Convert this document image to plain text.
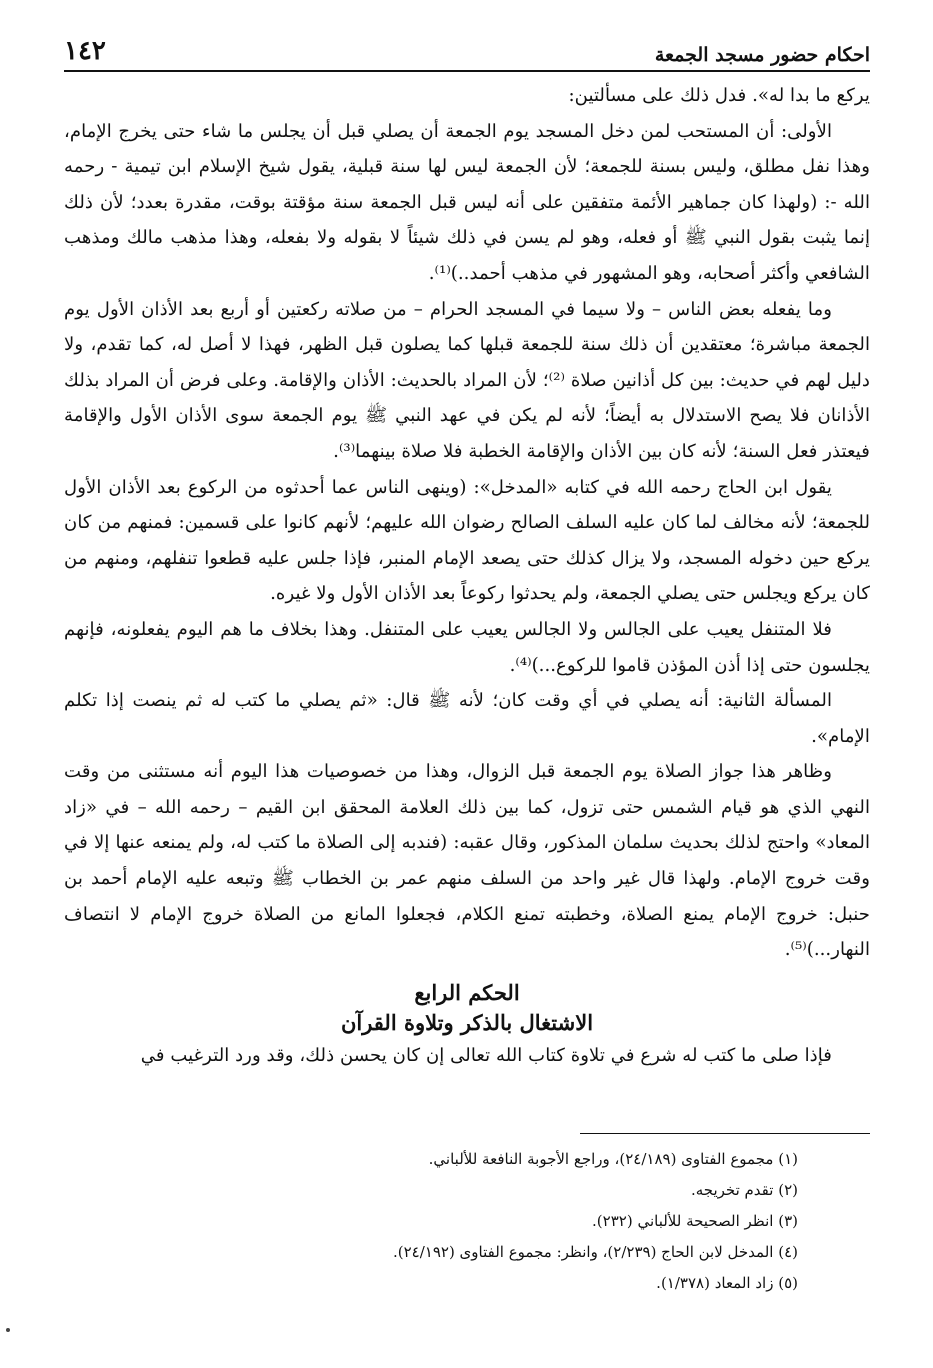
احكام حضور مسجد الجمعة
١٤٢

يركع ما بدا له». فدل ذلك على مسألتين:

الأولى: أن المستحب لمن دخل المسجد يوم الجمعة أن يصلي قبل أن يجلس ما شاء حتى يخرج الإمام، وهذا نفل مطلق، وليس بسنة للجمعة؛ لأن الجمعة ليس لها سنة قبلية، يقول شيخ الإسلام ابن تيمية - رحمه الله -: (ولهذا كان جماهير الأئمة متفقين على أنه ليس قبل الجمعة سنة مؤقتة بوقت، مقدرة بعدد؛ لأن ذلك إنما يثبت بقول النبي ﷺ أو فعله، وهو لم يسن في ذلك شيئاً لا بقوله ولا بفعله، وهذا مذهب مالك ومذهب الشافعي وأكثر أصحابه، وهو المشهور في مذهب أحمد..)⁽¹⁾.

وما يفعله بعض الناس – ولا سيما في المسجد الحرام – من صلاته ركعتين أو أربع بعد الأذان الأول يوم الجمعة مباشرة؛ معتقدين أن ذلك سنة للجمعة قبلها كما يصلون قبل الظهر، فهذا لا أصل له، كما تقدم، ولا دليل لهم في حديث: بين كل أذانين صلاة ⁽²⁾؛ لأن المراد بالحديث: الأذان والإقامة. وعلى فرض أن المراد بذلك الأذانان فلا يصح الاستدلال به أيضاً؛ لأنه لم يكن في عهد النبي ﷺ يوم الجمعة سوى الأذان الأول والإقامة فيعتذر فعل السنة؛ لأنه كان بين الأذان والإقامة الخطبة فلا صلاة بينهما⁽³⁾.

يقول ابن الحاج رحمه الله في كتابه «المدخل»: (وينهى الناس عما أحدثوه من الركوع بعد الأذان الأول للجمعة؛ لأنه مخالف لما كان عليه السلف الصالح رضوان الله عليهم؛ لأنهم كانوا على قسمين: فمنهم من كان يركع حين دخوله المسجد، ولا يزال كذلك حتى يصعد الإمام المنبر، فإذا جلس عليه قطعوا تنفلهم، ومنهم من كان يركع ويجلس حتى يصلي الجمعة، ولم يحدثوا ركوعاً بعد الأذان الأول ولا غيره.

فلا المتنفل يعيب على الجالس ولا الجالس يعيب على المتنفل. وهذا بخلاف ما هم اليوم يفعلونه، فإنهم يجلسون حتى إذا أذن المؤذن قاموا للركوع...)⁽⁴⁾.

المسألة الثانية: أنه يصلي في أي وقت كان؛ لأنه ﷺ قال: «ثم يصلي ما كتب له ثم ينصت إذا تكلم الإمام».

وظاهر هذا جواز الصلاة يوم الجمعة قبل الزوال، وهذا من خصوصيات هذا اليوم أنه مستثنى من وقت النهي الذي هو قيام الشمس حتى تزول، كما بين ذلك العلامة المحقق ابن القيم – رحمه الله – في «زاد المعاد» واحتج لذلك بحديث سلمان المذكور، وقال عقبه: (فندبه إلى الصلاة ما كتب له، ولم يمنعه عنها إلا في وقت خروج الإمام. ولهذا قال غير واحد من السلف منهم عمر بن الخطاب ﷺ وتبعه عليه الإمام أحمد بن حنبل: خروج الإمام يمنع الصلاة، وخطبته تمنع الكلام، فجعلوا المانع من الصلاة خروج الإمام لا انتصاف النهار...)⁽⁵⁾.

الحكم الرابع

الاشتغال بالذكر وتلاوة القرآن

فإذا صلى ما كتب له شرع في تلاوة كتاب الله تعالى إن كان يحسن ذلك، وقد ورد الترغيب في

(١) مجموع الفتاوى (٢٤/١٨٩)، وراجع الأجوبة النافعة للألباني.

(٢) تقدم تخريجه.

(٣) انظر الصحيحة للألباني (٢٣٢).

(٤) المدخل لابن الحاج (٢/٢٣٩)، وانظر: مجموع الفتاوى (٢٤/١٩٢).

(٥) زاد المعاد (١/٣٧٨).
